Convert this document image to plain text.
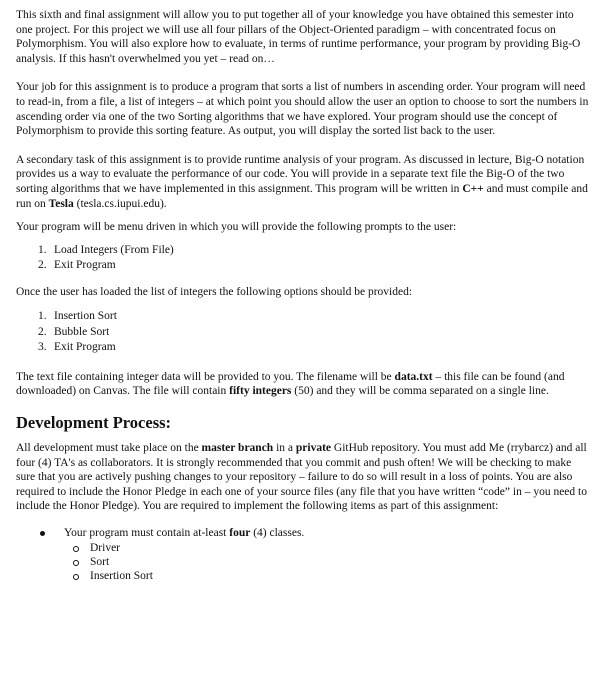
This sixth and final assignment will allow you to put together all of your knowledge you have obtained this semester into one project. For this project we will use all four pillars of the Object-Oriented paradigm – with concentrated focus on Polymorphism. You will also explore how to evaluate, in terms of runtime performance, your program by providing Big-O analysis. If this hasn't overwhelmed you yet – read on…

Your job for this assignment is to produce a program that sorts a list of numbers in ascending order. Your program will need to read-in, from a file, a list of integers – at which point you should allow the user an option to choose to sort the numbers in ascending order via one of the two Sorting algorithms that we have explored. Your program should use the concept of Polymorphism to provide this sorting feature. As output, you will display the sorted list back to the user.

A secondary task of this assignment is to provide runtime analysis of your program. As discussed in lecture, Big-O notation provides us a way to evaluate the performance of our code. You will provide in a separate text file the Big-O of the two sorting algorithms that we have implemented in this assignment. This program will be written in C++ and must compile and run on Tesla (tesla.cs.iupui.edu).

Your program will be menu driven in which you will provide the following prompts to the user:

1. Load Integers (From File)
2. Exit Program

Once the user has loaded the list of integers the following options should be provided:

1. Insertion Sort
2. Bubble Sort
3. Exit Program

The text file containing integer data will be provided to you. The filename will be data.txt – this file can be found (and downloaded) on Canvas. The file will contain fifty integers (50) and they will be comma separated on a single line.

Development Process:

All development must take place on the master branch in a private GitHub repository. You must add Me (rrybarcz) and all four (4) TA's as collaborators. It is strongly recommended that you commit and push often! We will be checking to make sure that you are actively pushing changes to your repository – failure to do so will result in a loss of points. You are also required to include the Honor Pledge in each one of your source files (any file that you have written “code” in – you need to include the Honor Pledge). You are required to implement the following items as part of this assignment:

Your program must contain at-least four (4) classes.
Driver
Sort
Insertion Sort
